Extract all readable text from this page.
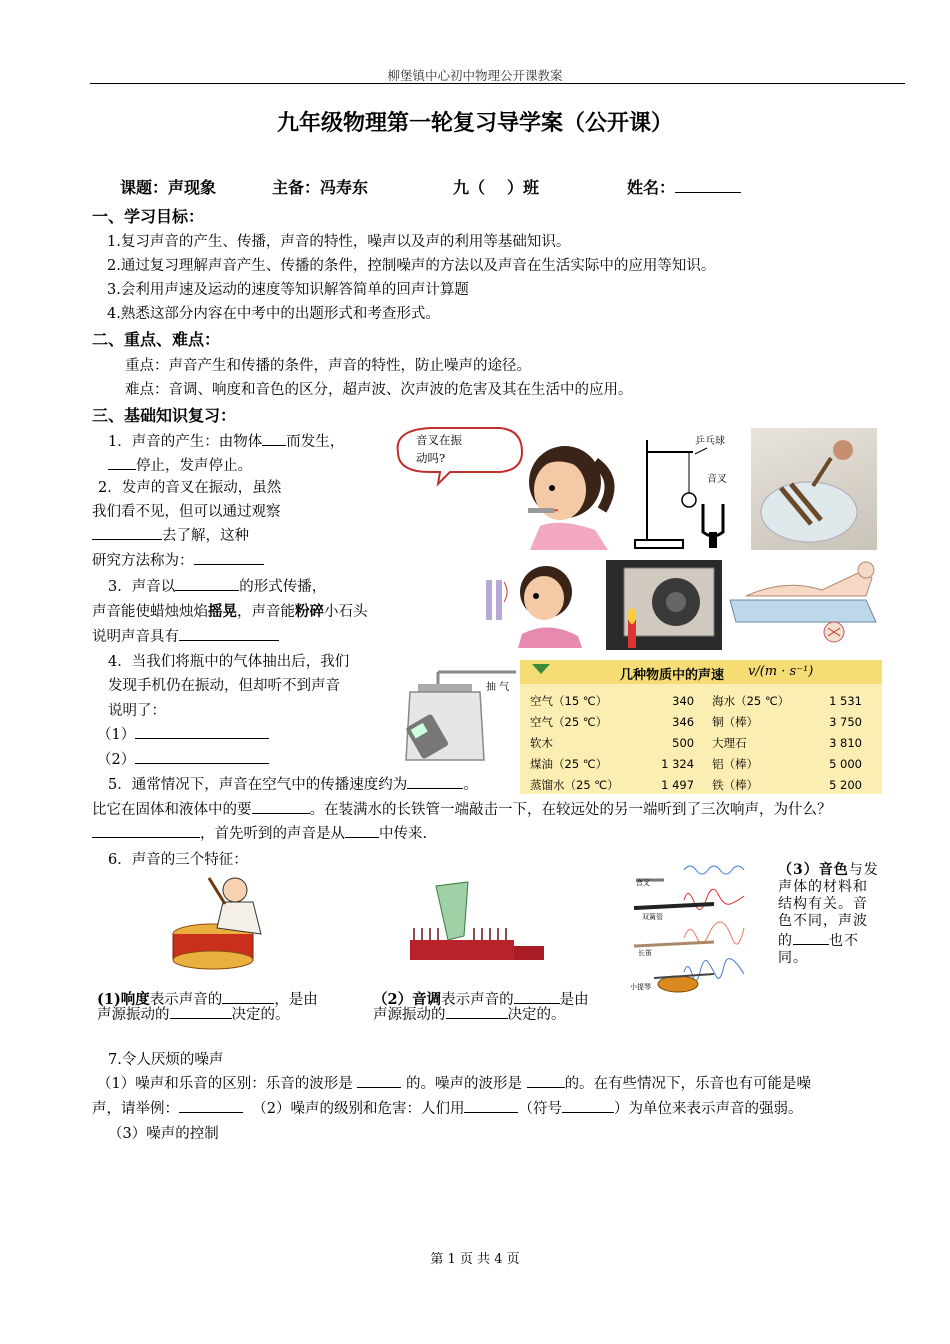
柳堡镇中心初中物理公开课教案
九年级物理第一轮复习导学案（公开课）
课题：声现象	主备：冯寿东	九（ ）班	姓名：
一、学习目标：
1.复习声音的产生、传播，声音的特性，噪声以及声的利用等基础知识。
2.通过复习理解声音产生、传播的条件，控制噪声的方法以及声音在生活实际中的应用等知识。
3.会利用声速及运动的速度等知识解答简单的回声计算题
4.熟悉这部分内容在中考中的出题形式和考查形式。
二、重点、难点：
重点：声音产生和传播的条件，声音的特性，防止噪声的途径。
难点：音调、响度和音色的区分，超声波、次声波的危害及其在生活中的应用。
三、基础知识复习：
1．声音的产生：由物体 而发生，
停止，发声停止。
2．发声的音叉在振动，虽然
我们看不见，但可以通过观察
去了解，这种
研究方法称为：
3．声音以	的形式传播，
声音能使蜡烛烛焰摇晃，声音能粉碎小石头
说明声音具有
4．当我们将瓶中的气体抽出后，我们
发现手机仍在振动，但却听不到声音
说明了：
（1）
（2）
5．通常情况下，声音在空气中的传播速度约为	。
比它在固体和液体中的要	。在装满水的长铁管一端敲击一下，在较远处的另一端听到了三次响声，为什么？
，首先听到的声音是从 中传来.
6．声音的三个特征：
(1)响度表示声音的	，是由
声源振动的	决定的。
（2）音调表示声音的	是由
声源振动的	决定的。
（3）音色与发声体的材料和结构有关。音色不同，声波的	也不同。
7.令人厌烦的噪声
（1）噪声和乐音的区别：乐音的波形是	的。噪声的波形是	的。在有些情况下，乐音也有可能是噪
声，请举例：	（2）噪声的级别和危害：人们用	（符号	）为单位来表示声音的强弱。
（3）噪声的控制
音叉在振
动吗?
乒乓球
音叉
抽 气
几种物质中的声速 v/(m · s⁻¹)
空气（15 ℃）	340	海水（25 ℃）	1 531
空气（25 ℃）	346	铜（棒）	3 750
软木	500	大理石	3 810
煤油（25 ℃）	1 324	铝（棒）	5 000
蒸馏水（25 ℃）	1 497	铁（棒）	5 200
音叉
双簧管
长笛
小提琴
第 1 页 共 4 页
